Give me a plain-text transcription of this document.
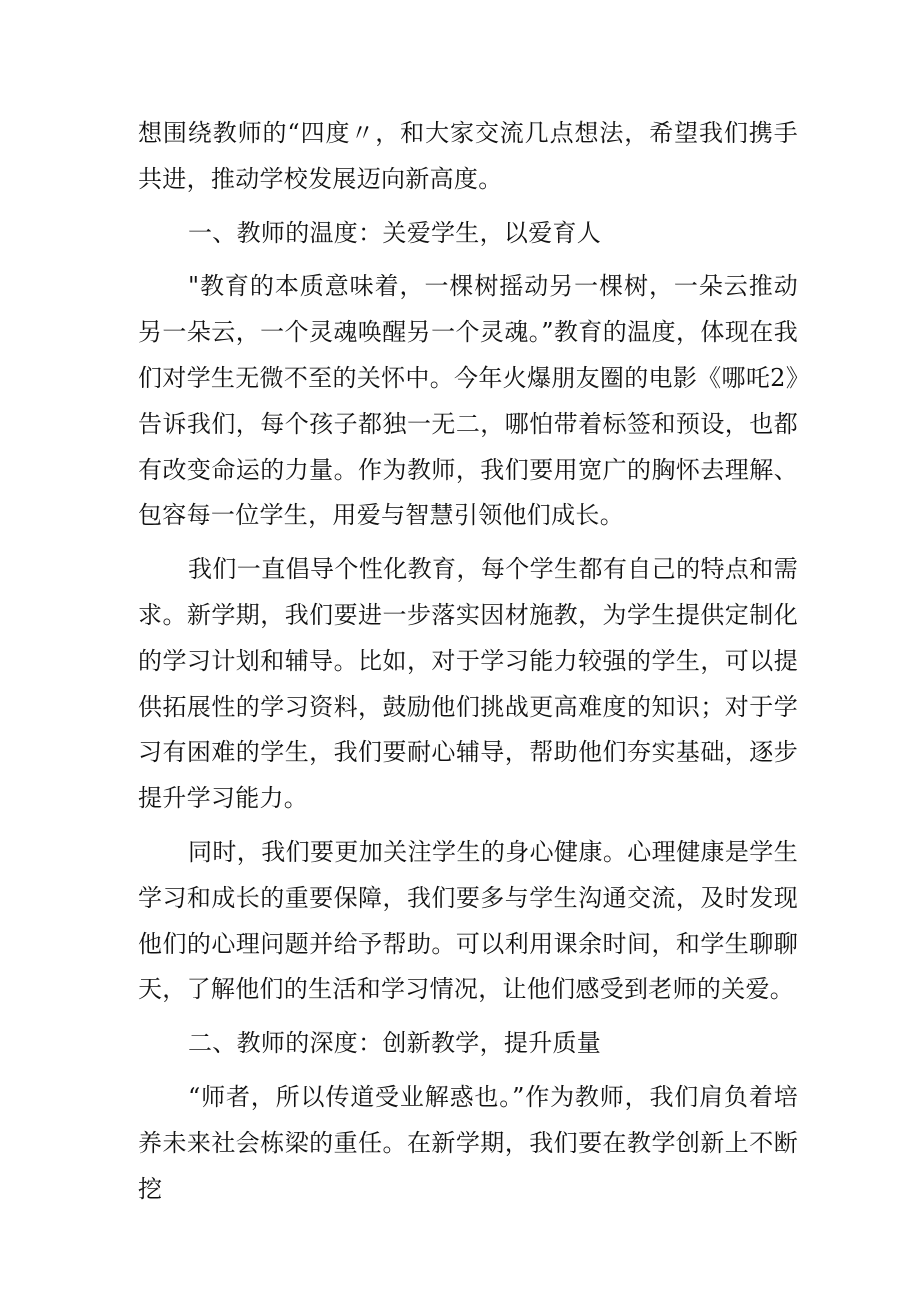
想围绕教师的“四度〃，和大家交流几点想法，希望我们携手共进，推动学校发展迈向新高度。

一、教师的温度：关爱学生，以爱育人

"教育的本质意味着，一棵树摇动另一棵树，一朵云推动另一朵云，一个灵魂唤醒另一个灵魂。”教育的温度，体现在我们对学生无微不至的关怀中。今年火爆朋友圈的电影《哪吒2》告诉我们，每个孩子都独一无二，哪怕带着标签和预设，也都有改变命运的力量。作为教师，我们要用宽广的胸怀去理解、包容每一位学生，用爱与智慧引领他们成长。

我们一直倡导个性化教育，每个学生都有自己的特点和需求。新学期，我们要进一步落实因材施教，为学生提供定制化的学习计划和辅导。比如，对于学习能力较强的学生，可以提供拓展性的学习资料，鼓励他们挑战更高难度的知识；对于学习有困难的学生，我们要耐心辅导，帮助他们夯实基础，逐步提升学习能力。

同时，我们要更加关注学生的身心健康。心理健康是学生学习和成长的重要保障，我们要多与学生沟通交流，及时发现他们的心理问题并给予帮助。可以利用课余时间，和学生聊聊天，了解他们的生活和学习情况，让他们感受到老师的关爱。

二、教师的深度：创新教学，提升质量

“师者，所以传道受业解惑也。”作为教师，我们肩负着培养未来社会栋梁的重任。在新学期，我们要在教学创新上不断挖
